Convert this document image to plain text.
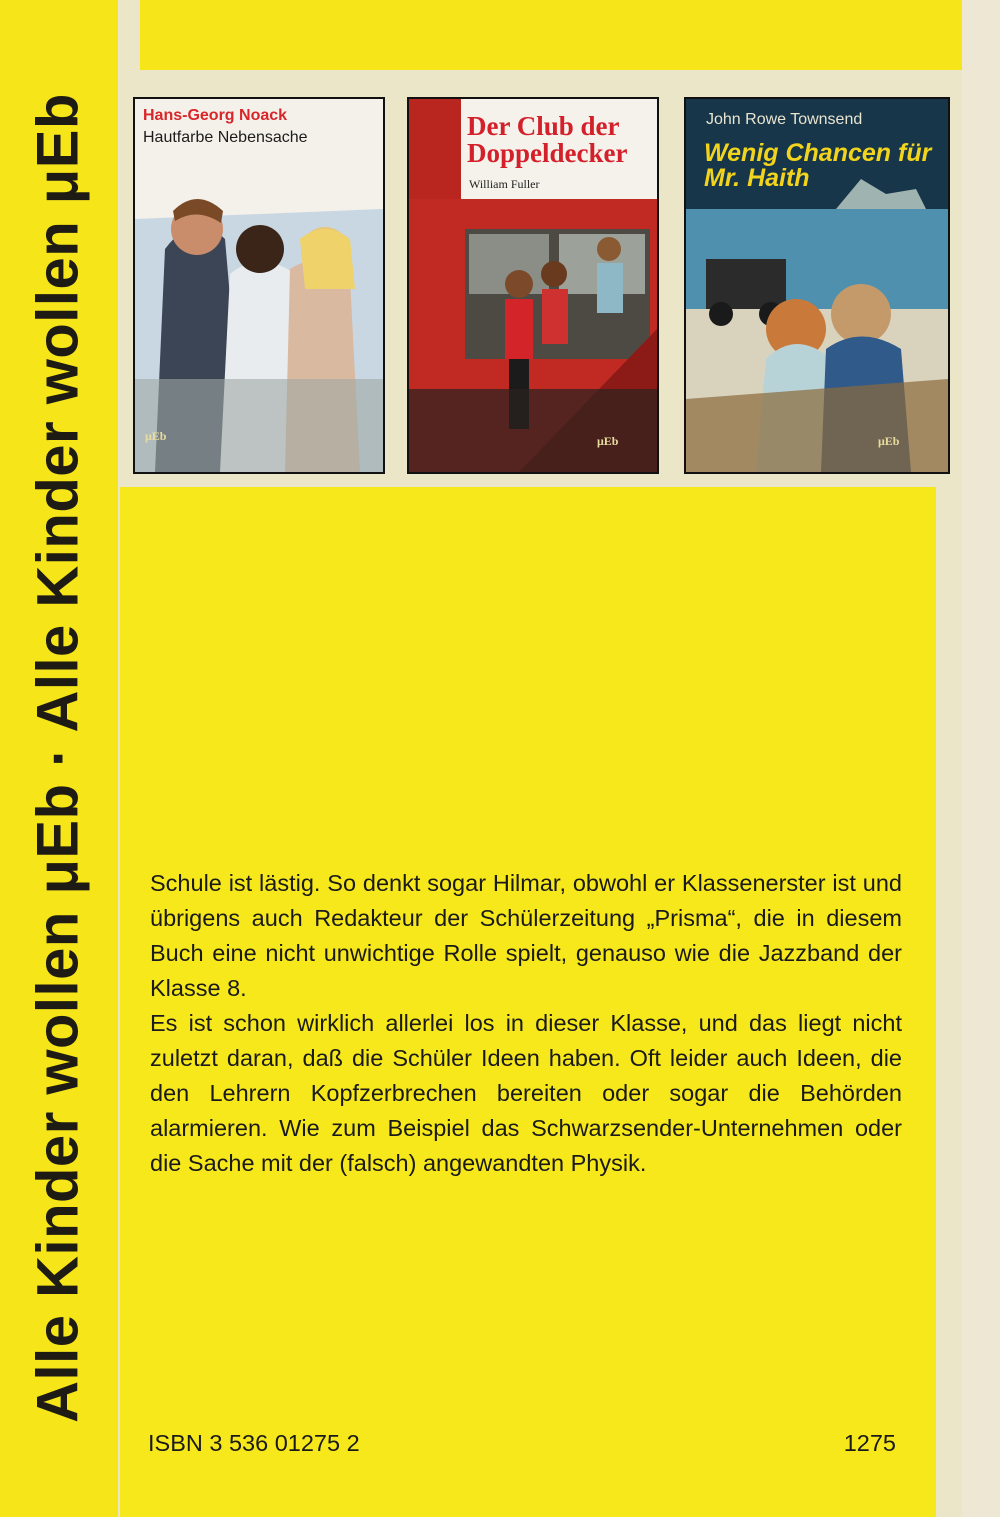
Alle Kinder wollen μEb · Alle Kinder wollen μEb	Hans-Georg Noack
Hautfarbe Nebensache
μEb
Der Club der Doppeldecker
William Fuller
μEb
John Rowe Townsend
Wenig Chancen für Mr. Haith
μEb

Schule ist lästig. So denkt sogar Hilmar, obwohl er Klassenerster ist und übrigens auch Redakteur der Schülerzeitung „Prisma“, die in diesem Buch eine nicht unwichtige Rolle spielt, genauso wie die Jazzband der Klasse 8.

Es ist schon wirklich allerlei los in dieser Klasse, und das liegt nicht zuletzt daran, daß die Schüler Ideen haben. Oft leider auch Ideen, die den Lehrern Kopfzerbrechen bereiten oder sogar die Behörden alarmieren. Wie zum Beispiel das Schwarzsender-Unternehmen oder die Sache mit der (falsch) angewandten Physik.

ISBN 3 536 01275 2	1275
